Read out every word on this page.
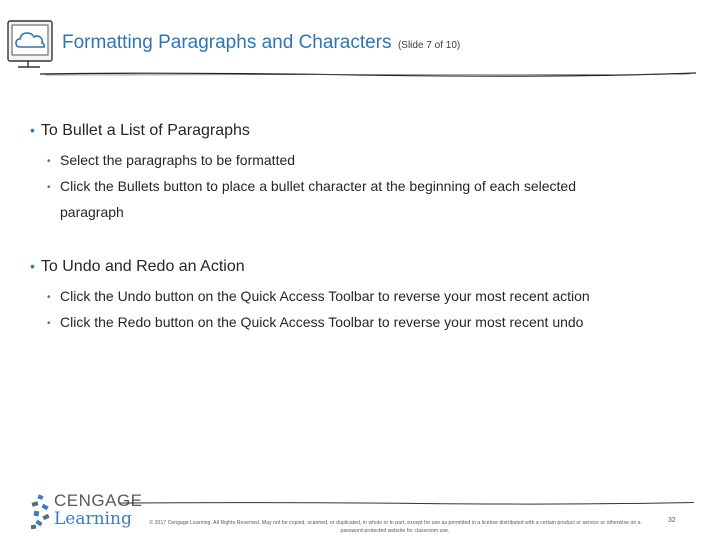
Formatting Paragraphs and Characters (Slide 7 of 10)
• To Bullet a List of Paragraphs
• Select the paragraphs to be formatted
• Click the Bullets button to place a bullet character at the beginning of each selected
paragraph
• To Undo and Redo an Action
• Click the Undo button on the Quick Access Toolbar to reverse your most recent action
• Click the Redo button on the Quick Access Toolbar to reverse your most recent undo
CENGAGE
Learning	© 2017 Cengage Learning. All Rights Reserved. May not be copied, scanned, or duplicated, in whole or in part, except for use as permitted in a license distributed with a certain product or service or otherwise on a
password-protected website for classroom use.
32
